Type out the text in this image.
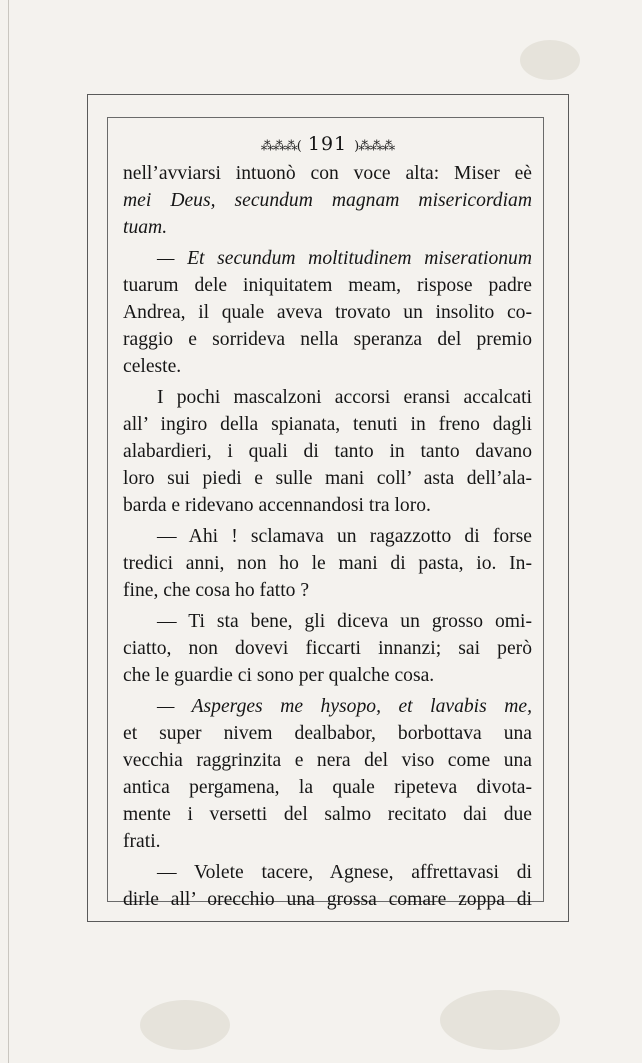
⁂⁂⁂( 191 )⁂⁂⁂

nell’avviarsi intuonò con voce alta: Miser eè
mei Deus, secundum magnam misericordiam
tuam.

— Et secundum moltitudinem miserationum
tuarum dele iniquitatem meam, rispose padre
Andrea, il quale aveva trovato un insolito co-
raggio e sorrideva nella speranza del premio
celeste.

I pochi mascalzoni accorsi eransi accalcati
all’ ingiro della spianata, tenuti in freno dagli
alabardieri, i quali di tanto in tanto davano
loro sui piedi e sulle mani coll’ asta dell’ala-
barda e ridevano accennandosi tra loro.

— Ahi ! sclamava un ragazzotto di forse
tredici anni, non ho le mani di pasta, io. In-
fine, che cosa ho fatto ?

— Ti sta bene, gli diceva un grosso omi-
ciatto, non dovevi ficcarti innanzi; sai però
che le guardie ci sono per qualche cosa.

— Asperges me hysopo, et lavabis me,
et super nivem dealbabor, borbottava una
vecchia raggrinzita e nera del viso come una
antica pergamena, la quale ripeteva divota-
mente i versetti del salmo recitato dai due
frati.

— Volete tacere, Agnese, affrettavasi di
dirle all’ orecchio una grossa comare zoppa di
